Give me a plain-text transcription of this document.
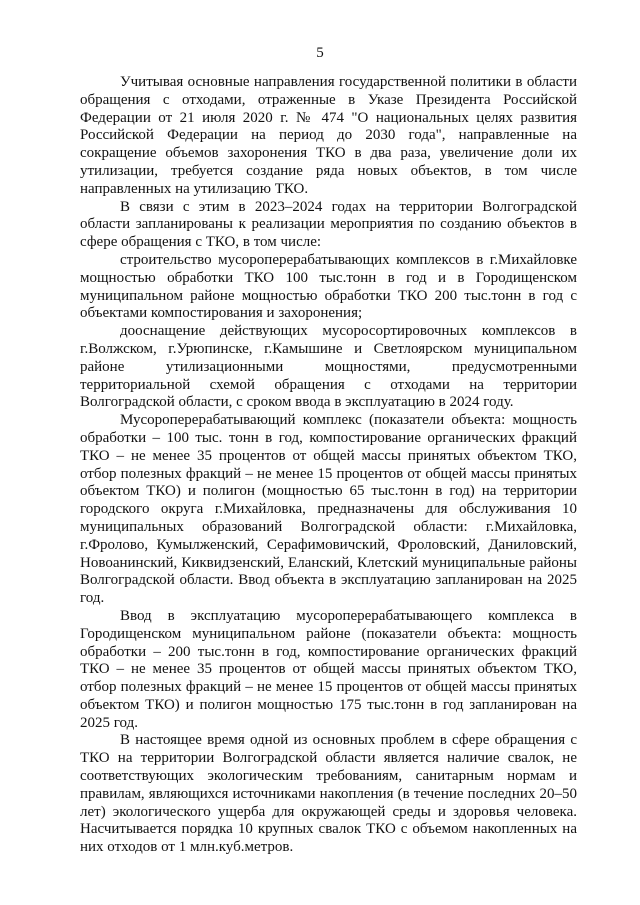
5

Учитывая основные направления государственной политики в области обращения с отходами, отраженные в Указе Президента Российской Федерации от 21 июля 2020 г. № 474 "О национальных целях развития Российской Федерации на период до 2030 года", направленные на сокращение объемов захоронения ТКО в два раза, увеличение доли их утилизации, требуется создание ряда новых объектов, в том числе направленных на утилизацию ТКО.

В связи с этим в 2023–2024 годах на территории Волгоградской области запланированы к реализации мероприятия по созданию объектов в сфере обращения с ТКО, в том числе:

строительство мусороперерабатывающих комплексов в г.Михайловке мощностью обработки ТКО 100 тыс.тонн в год и в Городищенском муниципальном районе мощностью обработки ТКО 200 тыс.тонн в год с объектами компостирования и захоронения;

дооснащение действующих мусоросортировочных комплексов в г.Волжском, г.Урюпинске, г.Камышине и Светлоярском муниципальном районе утилизационными мощностями, предусмотренными территориальной схемой обращения с отходами на территории Волгоградской области, с сроком ввода в эксплуатацию в 2024 году.

Мусороперерабатывающий комплекс (показатели объекта: мощность обработки – 100 тыс. тонн в год, компостирование органических фракций ТКО – не менее 35 процентов от общей массы принятых объектом ТКО, отбор полезных фракций – не менее 15 процентов от общей массы принятых объектом ТКО) и полигон (мощностью 65 тыс.тонн в год) на территории городского округа г.Михайловка, предназначены для обслуживания 10 муниципальных образований Волгоградской области: г.Михайловка, г.Фролово, Кумылженский, Серафимовичский, Фроловский, Даниловский, Новоанинский, Киквидзенский, Еланский, Клетский муниципальные районы Волгоградской области. Ввод объекта в эксплуатацию запланирован на 2025 год.

Ввод в эксплуатацию мусороперерабатывающего комплекса в Городищенском муниципальном районе (показатели объекта: мощность обработки – 200 тыс.тонн в год, компостирование органических фракций ТКО – не менее 35 процентов от общей массы принятых объектом ТКО, отбор полезных фракций – не менее 15 процентов от общей массы принятых объектом ТКО) и полигон мощностью 175 тыс.тонн в год запланирован на 2025 год.

В настоящее время одной из основных проблем в сфере обращения с ТКО на территории Волгоградской области является наличие свалок, не соответствующих экологическим требованиям, санитарным нормам и правилам, являющихся источниками накопления (в течение последних 20–50 лет) экологического ущерба для окружающей среды и здоровья человека. Насчитывается порядка 10 крупных свалок ТКО с объемом накопленных на них отходов от 1 млн.куб.метров.
